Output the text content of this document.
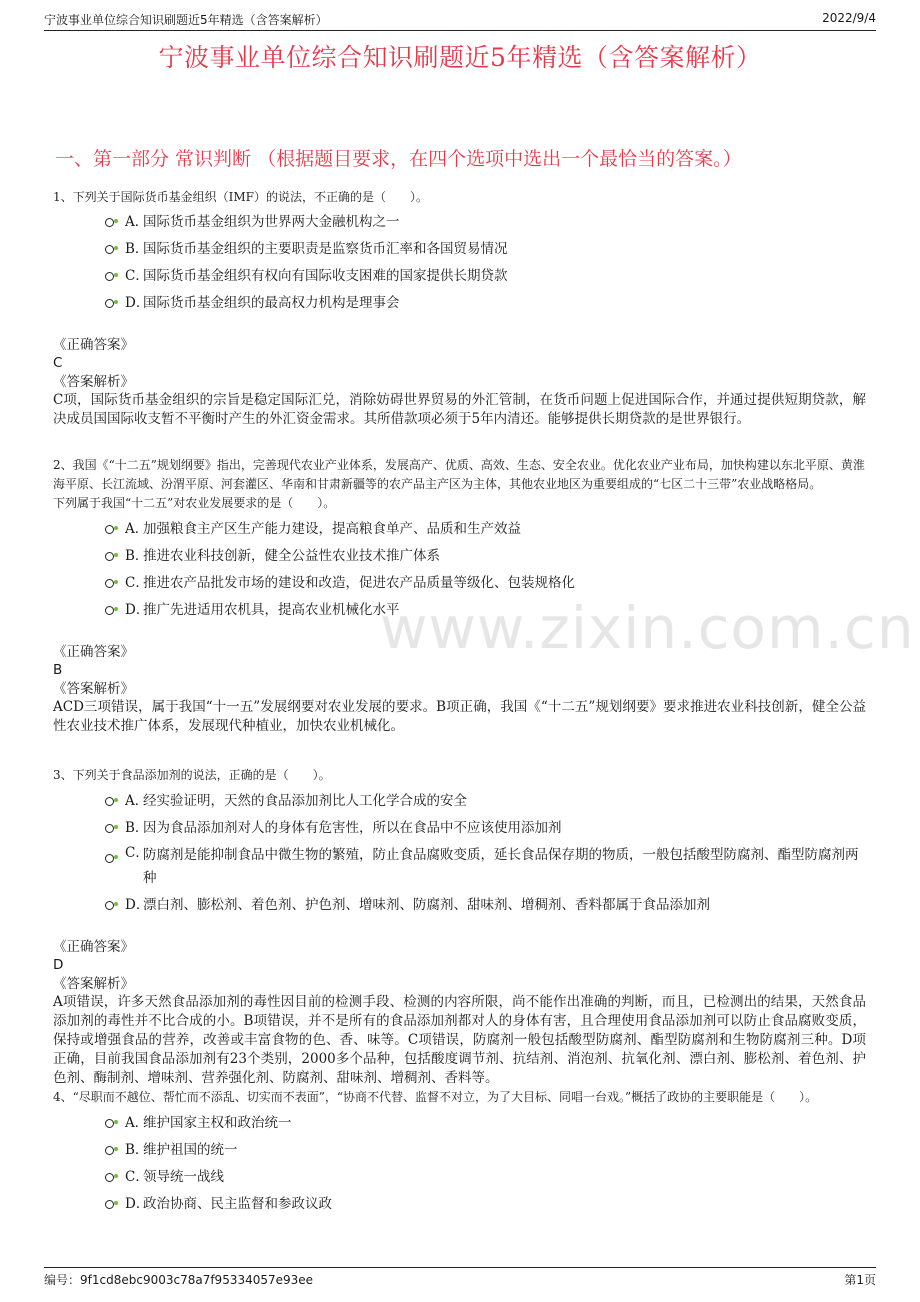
宁波事业单位综合知识刷题近5年精选（含答案解析）	2022/9/4
宁波事业单位综合知识刷题近5年精选（含答案解析）
一、第一部分 常识判断 （根据题目要求，在四个选项中选出一个最恰当的答案。）
www.zixin.com.cn
1、下列关于国际货币基金组织（IMF）的说法，不正确的是（　　）。
A．
国际货币基金组织为世界两大金融机构之一
B．
国际货币基金组织的主要职责是监察货币汇率和各国贸易情况
C．
国际货币基金组织有权向有国际收支困难的国家提供长期贷款
D．
国际货币基金组织的最高权力机构是理事会
《正确答案》
C
《答案解析》
C项，国际货币基金组织的宗旨是稳定国际汇兑，消除妨碍世界贸易的外汇管制，在货币问题上促进国际合作，并通过提供短期贷款，解决成员国国际收支暂不平衡时产生的外汇资金需求。其所借款项必须于5年内清还。能够提供长期贷款的是世界银行。
2、我国《“十二五”规划纲要》指出，完善现代农业产业体系，发展高产、优质、高效、生态、安全农业。优化农业产业布局，加快构建以东北平原、黄淮海平原、长江流域、汾渭平原、河套灌区、华南和甘肃新疆等的农产品主产区为主体，其他农业地区为重要组成的“七区二十三带”农业战略格局。
下列属于我国“十二五”对农业发展要求的是（　　）。
A．
加强粮食主产区生产能力建设，提高粮食单产、品质和生产效益
B．
推进农业科技创新，健全公益性农业技术推广体系
C．
推进农产品批发市场的建设和改造，促进农产品质量等级化、包装规格化
D．
推广先进适用农机具，提高农业机械化水平
《正确答案》
B
《答案解析》
ACD三项错误，属于我国“十一五”发展纲要对农业发展的要求。B项正确，我国《“十二五”规划纲要》要求推进农业科技创新，健全公益性农业技术推广体系，发展现代种植业，加快农业机械化。
3、下列关于食品添加剂的说法，正确的是（　　）。
A．
经实验证明，天然的食品添加剂比人工化学合成的安全
B．
因为食品添加剂对人的身体有危害性，所以在食品中不应该使用添加剂
C．
防腐剂是能抑制食品中微生物的繁殖，防止食品腐败变质，延长食品保存期的物质，一般包括酸型防腐剂、酯型防腐剂两种
D．
漂白剂、膨松剂、着色剂、护色剂、增味剂、防腐剂、甜味剂、增稠剂、香料都属于食品添加剂
《正确答案》
D
《答案解析》
A项错误，许多天然食品添加剂的毒性因目前的检测手段、检测的内容所限，尚不能作出准确的判断，而且，已检测出的结果，天然食品添加剂的毒性并不比合成的小。B项错误，并不是所有的食品添加剂都对人的身体有害，且合理使用食品添加剂可以防止食品腐败变质，保持或增强食品的营养，改善或丰富食物的色、香、味等。C项错误，防腐剂一般包括酸型防腐剂、酯型防腐剂和生物防腐剂三种。D项正确，目前我国食品添加剂有23个类别，2000多个品种，包括酸度调节剂、抗结剂、消泡剂、抗氧化剂、漂白剂、膨松剂、着色剂、护色剂、酶制剂、增味剂、营养强化剂、防腐剂、甜味剂、增稠剂、香料等。
4、“尽职而不越位、帮忙而不添乱、切实而不表面”，“协商不代替、监督不对立，为了大目标、同唱一台戏。”概括了政协的主要职能是（　　）。
A．
维护国家主权和政治统一
B．
维护祖国的统一
C．
领导统一战线
D．
政治协商、民主监督和参政议政
编号：9f1cd8ebc9003c78a7f95334057e93ee	第1页
